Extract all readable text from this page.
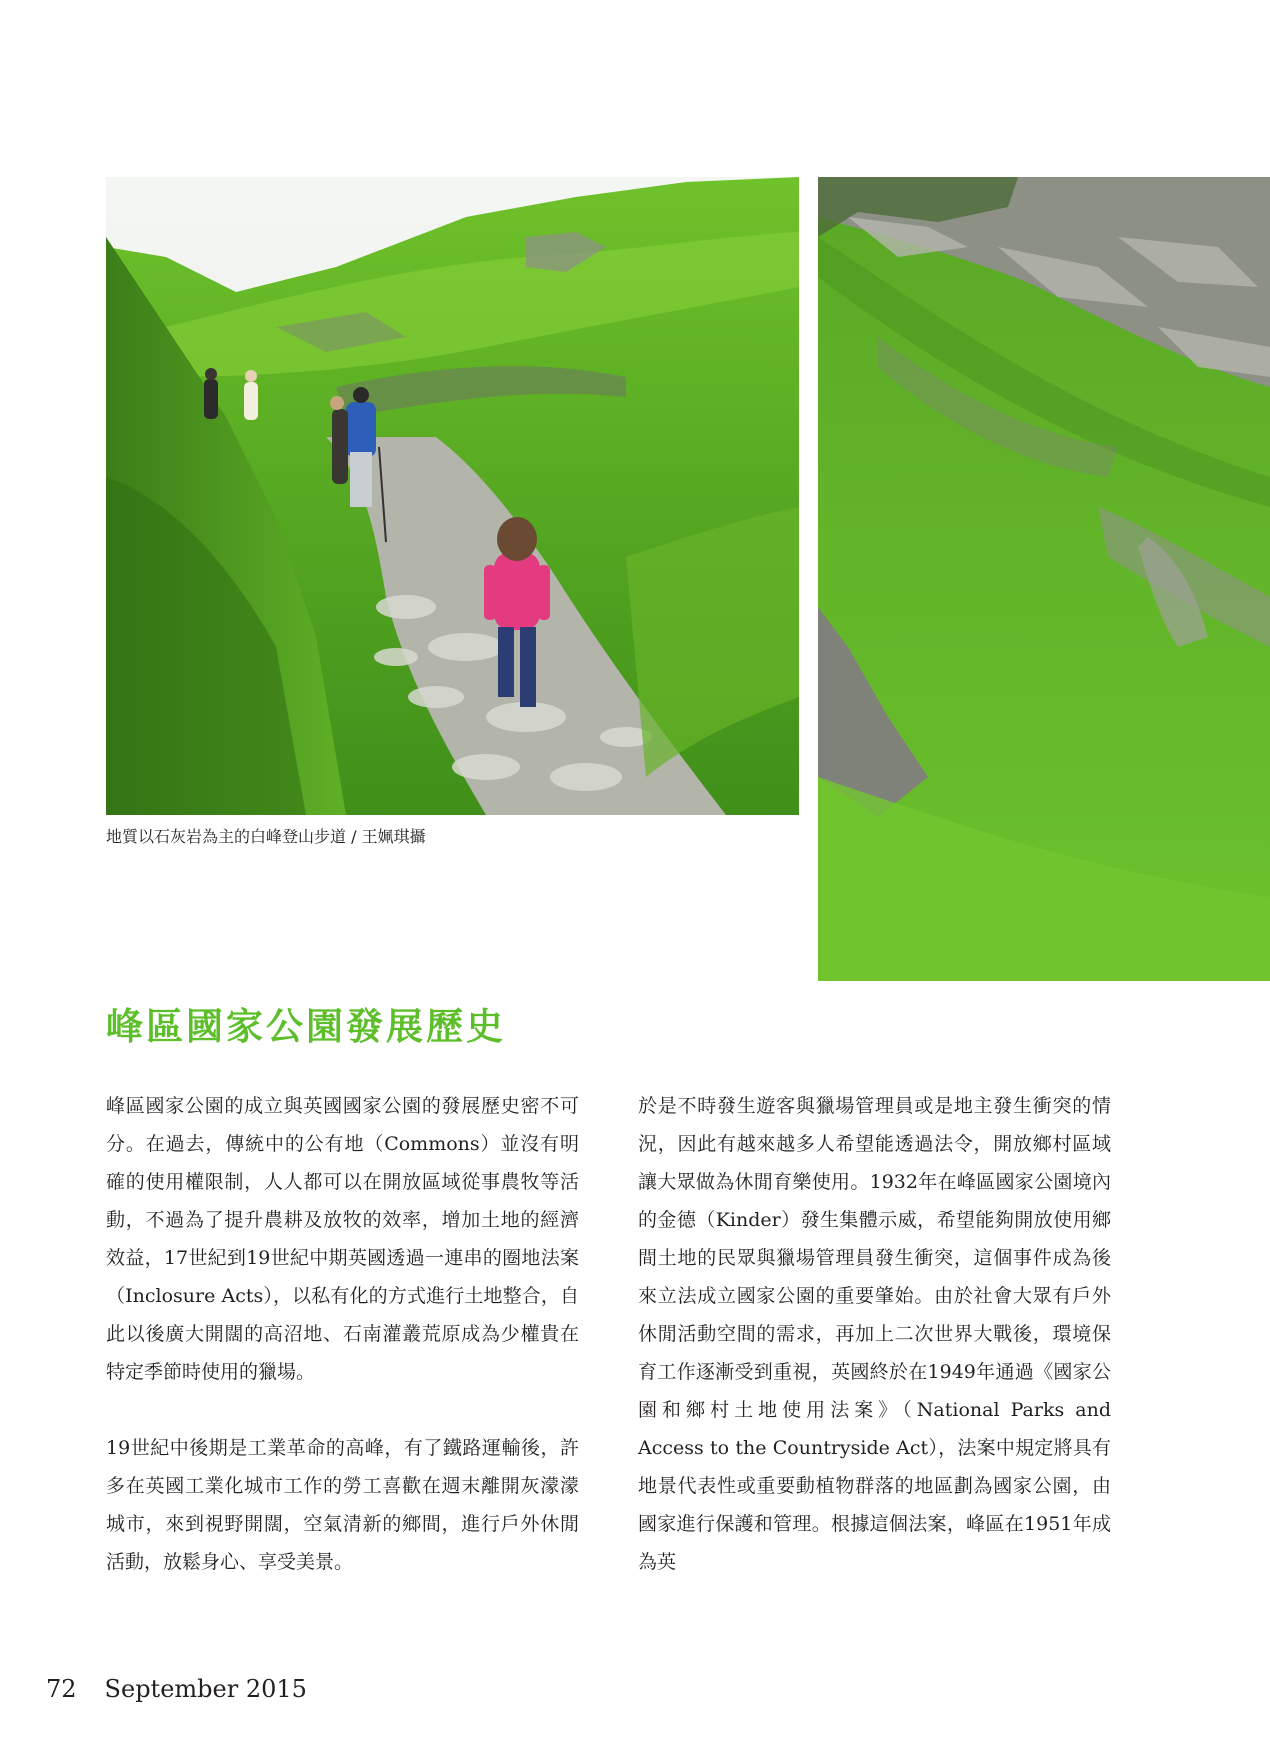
地質以石灰岩為主的白峰登山步道 / 王姵琪攝
峰區國家公園發展歷史

峰區國家公園的成立與英國國家公園的發展歷史密不可分。在過去，傳統中的公有地（Commons）並沒有明確的使用權限制，人人都可以在開放區域從事農牧等活動，不過為了提升農耕及放牧的效率，增加土地的經濟效益，17世紀到19世紀中期英國透過一連串的圈地法案（Inclosure Acts），以私有化的方式進行土地整合，自此以後廣大開闊的高沼地、石南灌叢荒原成為少權貴在特定季節時使用的獵場。

19世紀中後期是工業革命的高峰，有了鐵路運輸後，許多在英國工業化城市工作的勞工喜歡在週末離開灰濛濛城市，來到視野開闊，空氣清新的鄉間，進行戶外休閒活動，放鬆身心、享受美景。

於是不時發生遊客與獵場管理員或是地主發生衝突的情況，因此有越來越多人希望能透過法令，開放鄉村區域讓大眾做為休閒育樂使用。1932年在峰區國家公園境內的金德（Kinder）發生集體示威，希望能夠開放使用鄉間土地的民眾與獵場管理員發生衝突，這個事件成為後來立法成立國家公園的重要肇始。由於社會大眾有戶外休閒活動空間的需求，再加上二次世界大戰後，環境保育工作逐漸受到重視，英國終於在1949年通過《國家公園和鄉村土地使用法案》（National Parks and Access to the Countryside Act），法案中規定將具有地景代表性或重要動植物群落的地區劃為國家公園，由國家進行保護和管理。根據這個法案，峰區在1951年成為英

72 September 2015
